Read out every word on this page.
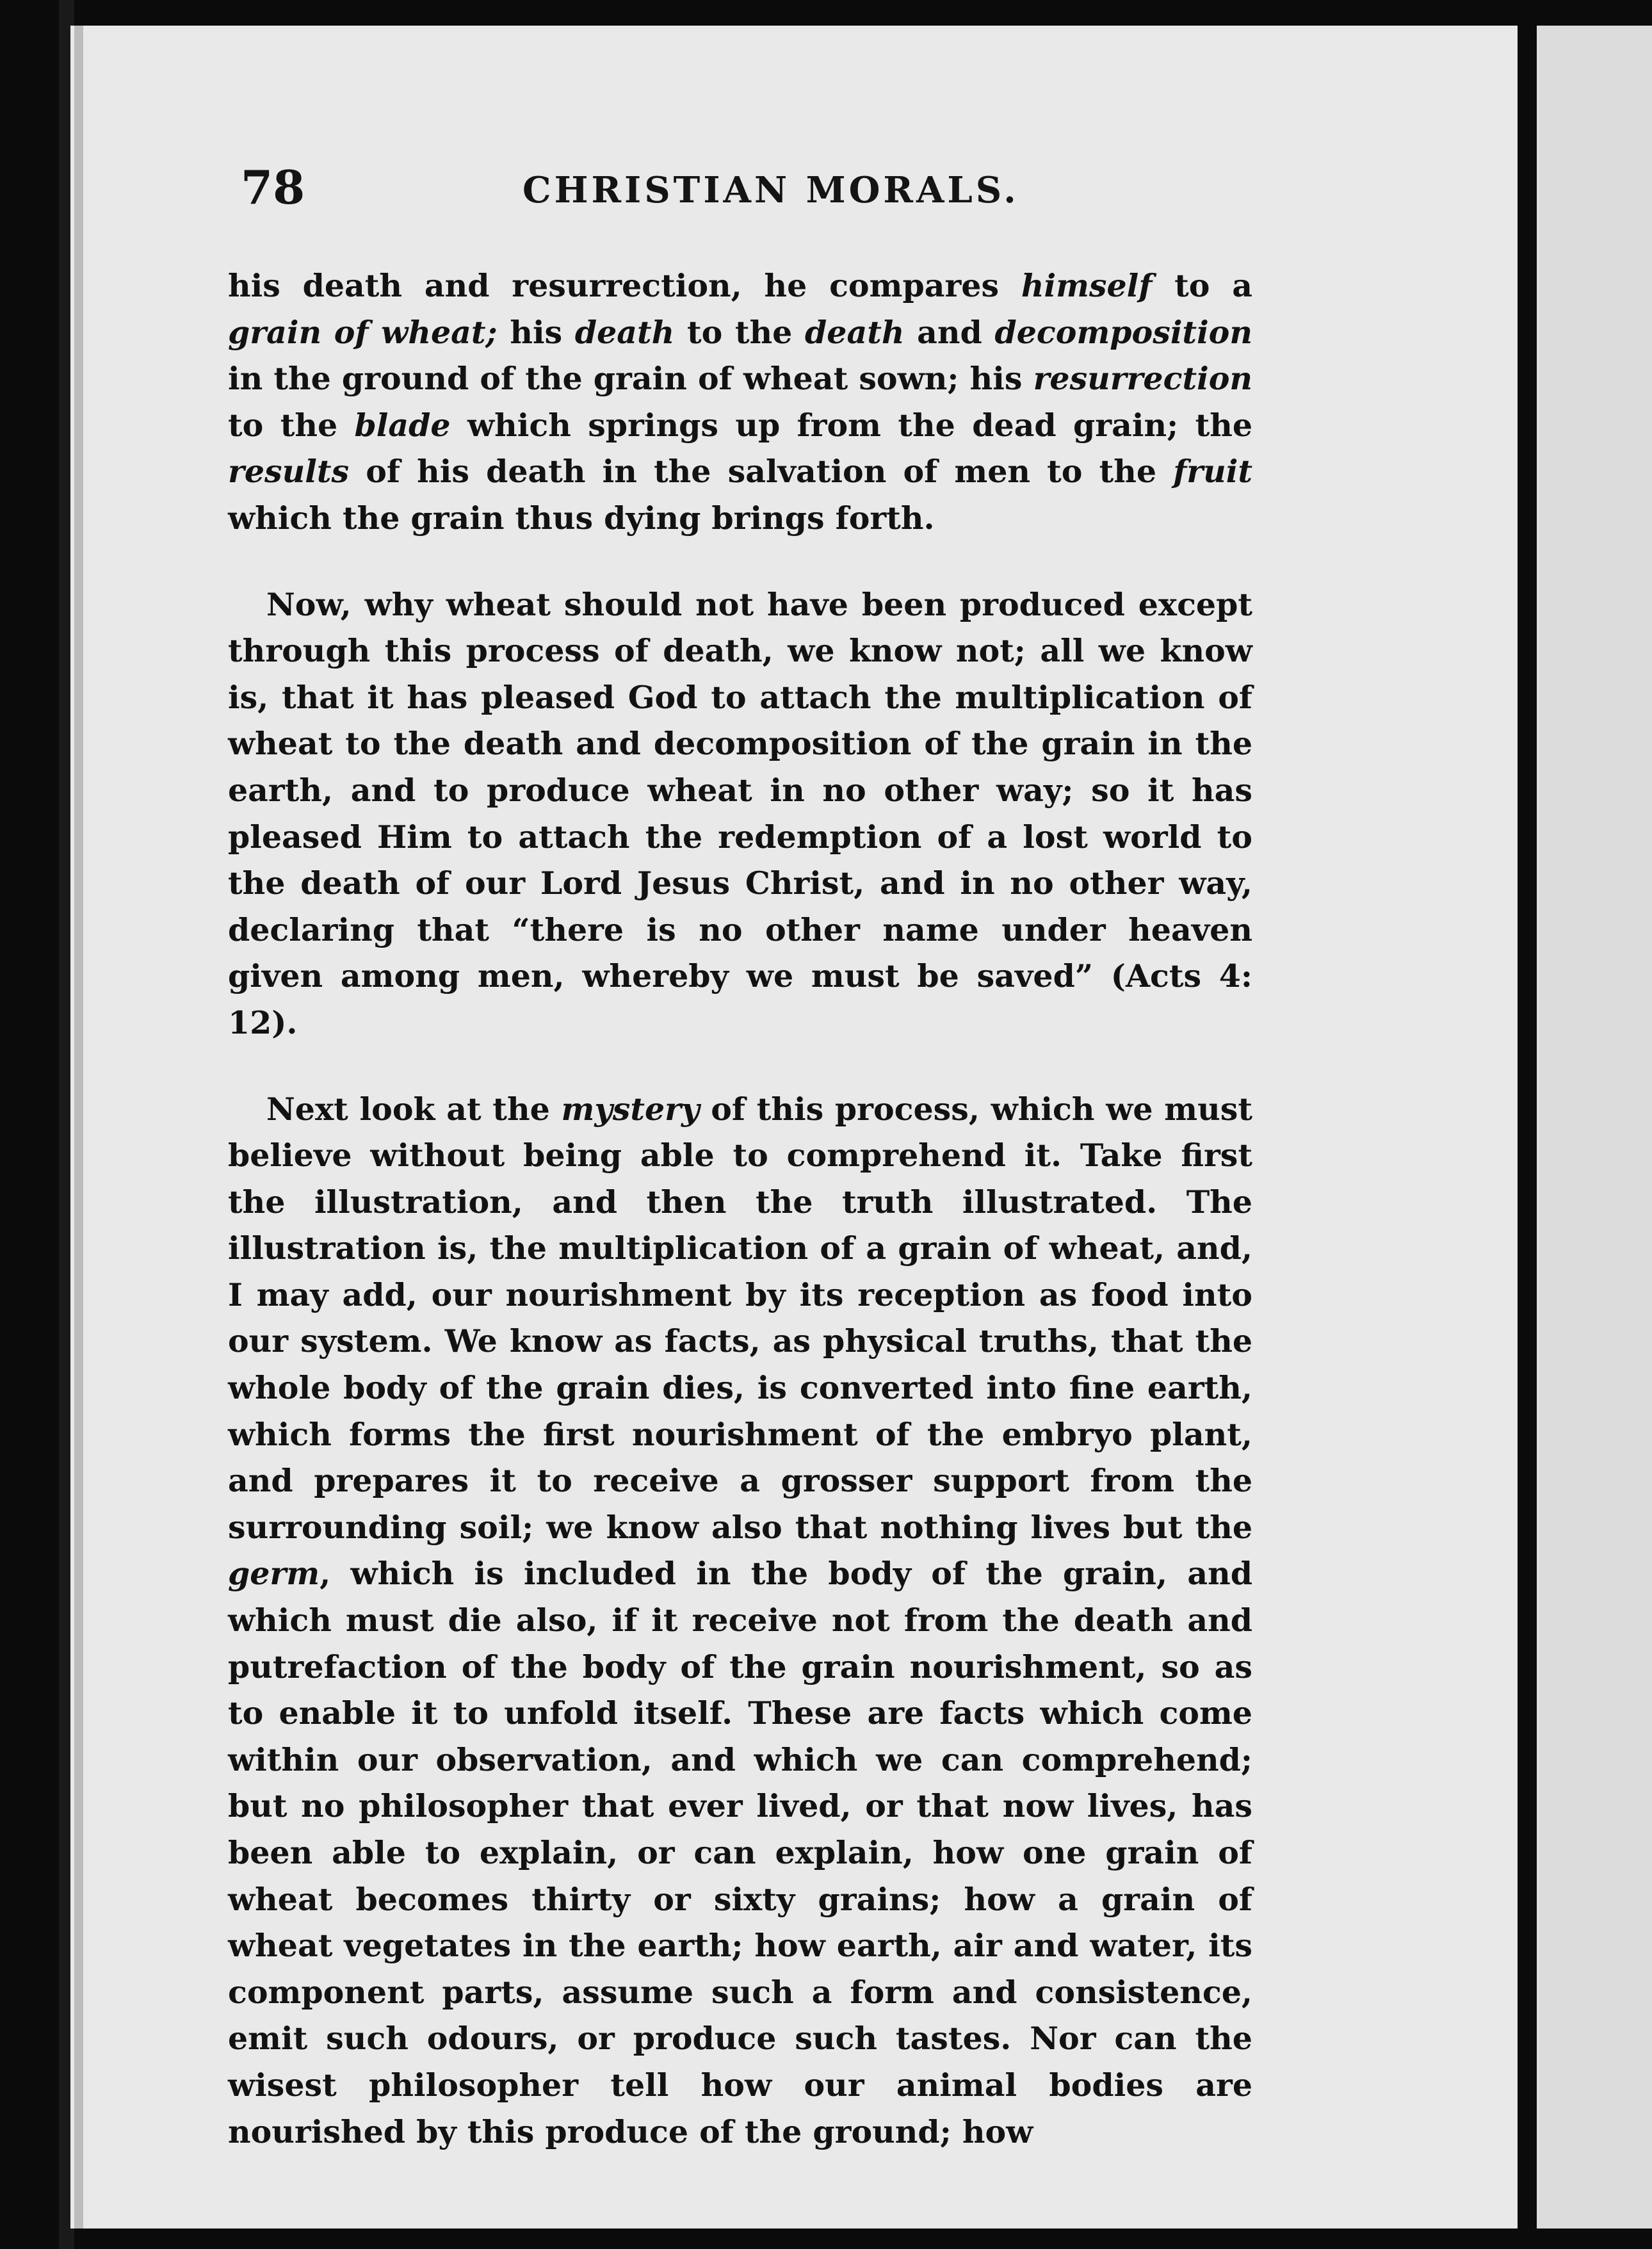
78	CHRISTIAN MORALS.

his death and resurrection, he compares himself to a grain of wheat; his death to the death and decomposition in the ground of the grain of wheat sown; his resurrection to the blade which springs up from the dead grain; the results of his death in the salvation of men to the fruit which the grain thus dying brings forth.

Now, why wheat should not have been produced except through this process of death, we know not; all we know is, that it has pleased God to attach the multiplication of wheat to the death and decomposition of the grain in the earth, and to produce wheat in no other way; so it has pleased Him to attach the redemption of a lost world to the death of our Lord Jesus Christ, and in no other way, declaring that “there is no other name under heaven given among men, whereby we must be saved” (Acts 4: 12).

Next look at the mystery of this process, which we must believe without being able to comprehend it. Take first the illustration, and then the truth illustrated. The illustration is, the multiplication of a grain of wheat, and, I may add, our nourishment by its reception as food into our system. We know as facts, as physical truths, that the whole body of the grain dies, is converted into fine earth, which forms the first nourishment of the embryo plant, and prepares it to receive a grosser support from the surrounding soil; we know also that nothing lives but the germ, which is included in the body of the grain, and which must die also, if it receive not from the death and putrefaction of the body of the grain nourishment, so as to enable it to unfold itself. These are facts which come within our observation, and which we can comprehend; but no philosopher that ever lived, or that now lives, has been able to explain, or can explain, how one grain of wheat becomes thirty or sixty grains; how a grain of wheat vegetates in the earth; how earth, air and water, its component parts, assume such a form and consistence, emit such odours, or produce such tastes. Nor can the wisest philosopher tell how our animal bodies are nourished by this produce of the ground; how
